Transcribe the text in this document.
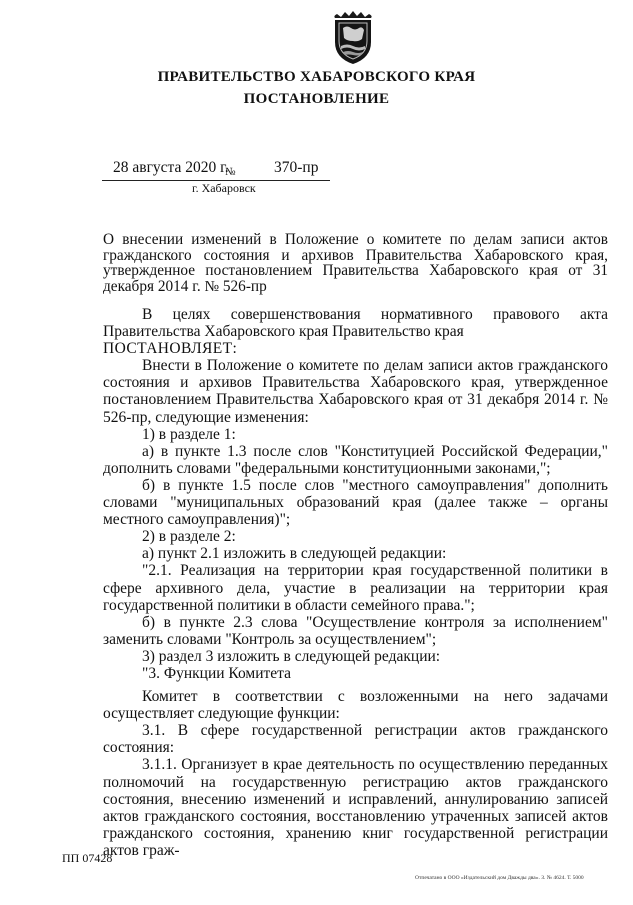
ПРАВИТЕЛЬСТВО ХАБАРОВСКОГО КРАЯ
ПОСТАНОВЛЕНИЕ
28 августа 2020 г.
№ 370-пр
г. Хабаровск
О внесении изменений в Положение о комитете по делам записи актов гражданского состояния и архивов Правительства Хабаровского края, утвержденное постановлением Правительства Хабаровского края от 31 декабря 2014 г. № 526-пр

В целях совершенствования нормативного правового акта Правительства Хабаровского края Правительство края

ПОСТАНОВЛЯЕТ:

Внести в Положение о комитете по делам записи актов гражданского состояния и архивов Правительства Хабаровского края, утвержденное постановлением Правительства Хабаровского края от 31 декабря 2014 г. № 526-пр, следующие изменения:

1) в разделе 1:

а) в пункте 1.3 после слов "Конституцией Российской Федерации," дополнить словами "федеральными конституционными законами,";

б) в пункте 1.5 после слов "местного самоуправления" дополнить словами "муниципальных образований края (далее также – органы местного самоуправления)";

2) в разделе 2:

а) пункт 2.1 изложить в следующей редакции:

"2.1. Реализация на территории края государственной политики в сфере архивного дела, участие в реализации на территории края государственной политики в области семейного права.";

б) в пункте 2.3 слова "Осуществление контроля за исполнением" заменить словами "Контроль за осуществлением";

3) раздел 3 изложить в следующей редакции:

"3. Функции Комитета

Комитет в соответствии с возложенными на него задачами осуществляет следующие функции:

3.1. В сфере государственной регистрации актов гражданского состояния:

3.1.1. Организует в крае деятельность по осуществлению переданных полномочий на государственную регистрацию актов гражданского состояния, внесению изменений и исправлений, аннулированию записей актов гражданского состояния, восстановлению утраченных записей актов гражданского состояния, хранению книг государственной регистрации актов граж-

ПП 07428
Отпечатано в ООО «Издательский дом Дважды два». З. № 4624. Т. 5000
